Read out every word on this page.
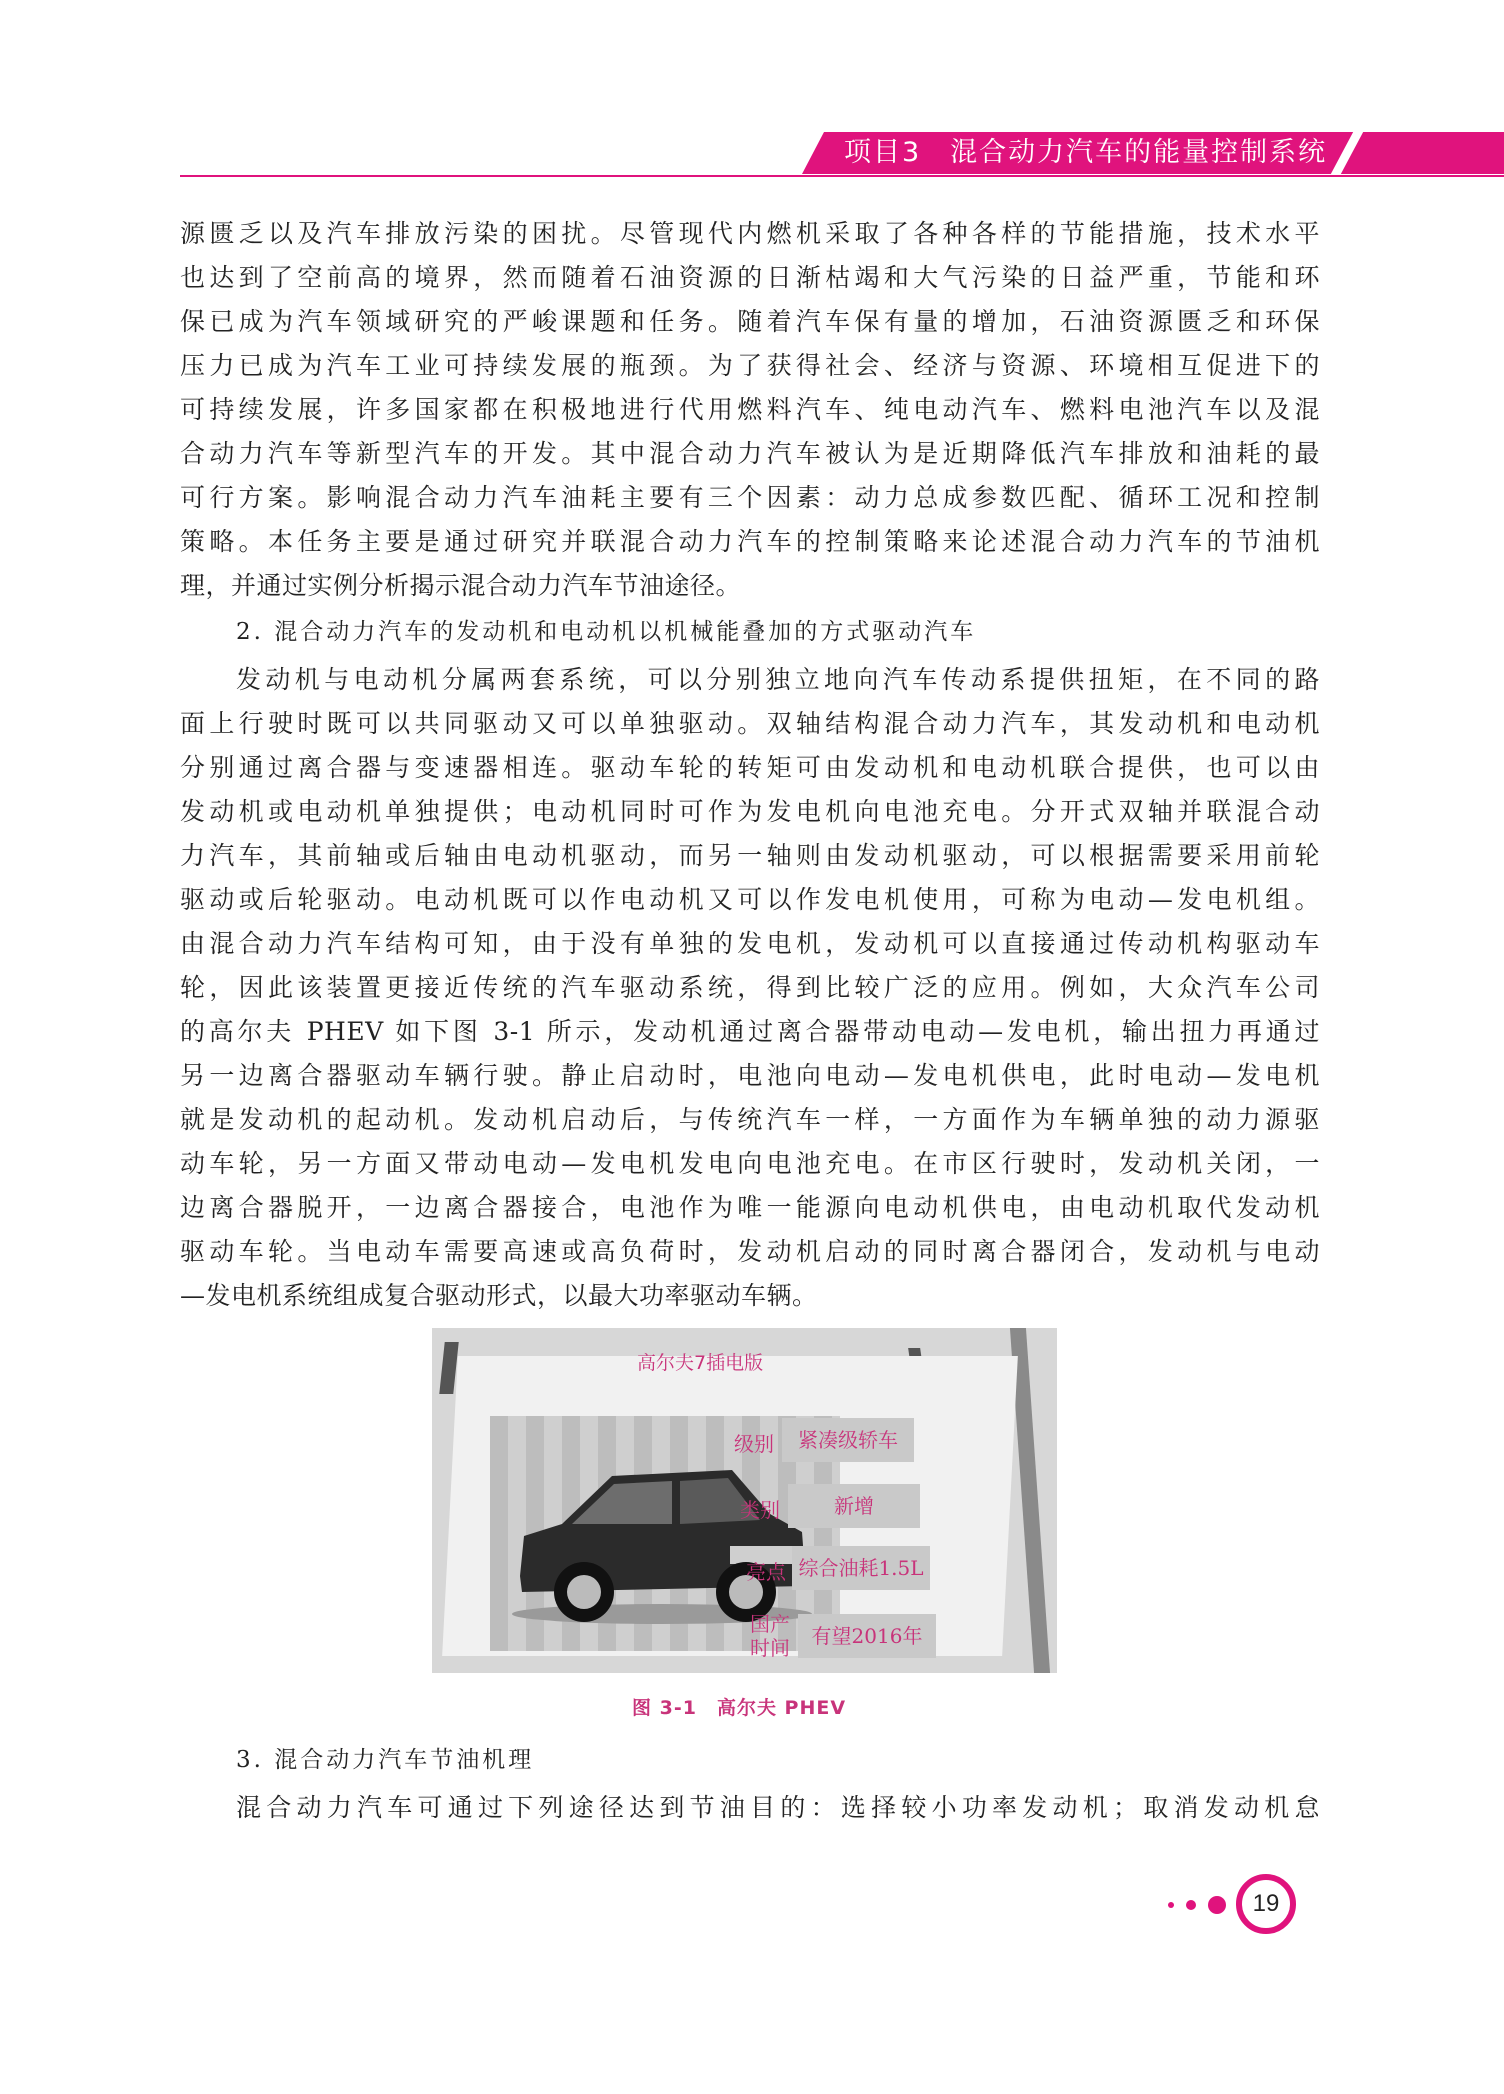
项目3　混合动力汽车的能量控制系统
源匮乏以及汽车排放污染的困扰。尽管现代内燃机采取了各种各样的节能措施，技术水平
也达到了空前高的境界，然而随着石油资源的日渐枯竭和大气污染的日益严重，节能和环
保已成为汽车领域研究的严峻课题和任务。随着汽车保有量的增加，石油资源匮乏和环保
压力已成为汽车工业可持续发展的瓶颈。为了获得社会、经济与资源、环境相互促进下的
可持续发展，许多国家都在积极地进行代用燃料汽车、纯电动汽车、燃料电池汽车以及混
合动力汽车等新型汽车的开发。其中混合动力汽车被认为是近期降低汽车排放和油耗的最
可行方案。影响混合动力汽车油耗主要有三个因素：动力总成参数匹配、循环工况和控制
策略。本任务主要是通过研究并联混合动力汽车的控制策略来论述混合动力汽车的节油机
理，并通过实例分析揭示混合动力汽车节油途径。
2. 混合动力汽车的发动机和电动机以机械能叠加的方式驱动汽车
发动机与电动机分属两套系统，可以分别独立地向汽车传动系提供扭矩，在不同的路
面上行驶时既可以共同驱动又可以单独驱动。双轴结构混合动力汽车，其发动机和电动机
分别通过离合器与变速器相连。驱动车轮的转矩可由发动机和电动机联合提供，也可以由
发动机或电动机单独提供；电动机同时可作为发电机向电池充电。分开式双轴并联混合动
力汽车，其前轴或后轴由电动机驱动，而另一轴则由发动机驱动，可以根据需要采用前轮
驱动或后轮驱动。电动机既可以作电动机又可以作发电机使用，可称为电动—发电机组。
由混合动力汽车结构可知，由于没有单独的发电机，发动机可以直接通过传动机构驱动车
轮，因此该装置更接近传统的汽车驱动系统，得到比较广泛的应用。例如，大众汽车公司
的高尔夫 PHEV 如下图 3-1 所示，发动机通过离合器带动电动—发电机，输出扭力再通过
另一边离合器驱动车辆行驶。静止启动时，电池向电动—发电机供电，此时电动—发电机
就是发动机的起动机。发动机启动后，与传统汽车一样，一方面作为车辆单独的动力源驱
动车轮，另一方面又带动电动—发电机发电向电池充电。在市区行驶时，发动机关闭，一
边离合器脱开，一边离合器接合，电池作为唯一能源向电动机供电，由电动机取代发动机
驱动车轮。当电动车需要高速或高负荷时，发动机启动的同时离合器闭合，发动机与电动
—发电机系统组成复合驱动形式，以最大功率驱动车辆。
高尔夫7插电版
级别	紧凑级轿车
类别	新增
亮点 综合油耗1.5L
国产时间	有望2016年
图 3-1　高尔夫 PHEV
3. 混合动力汽车节油机理
混合动力汽车可通过下列途径达到节油目的：选择较小功率发动机；取消发动机怠
19
